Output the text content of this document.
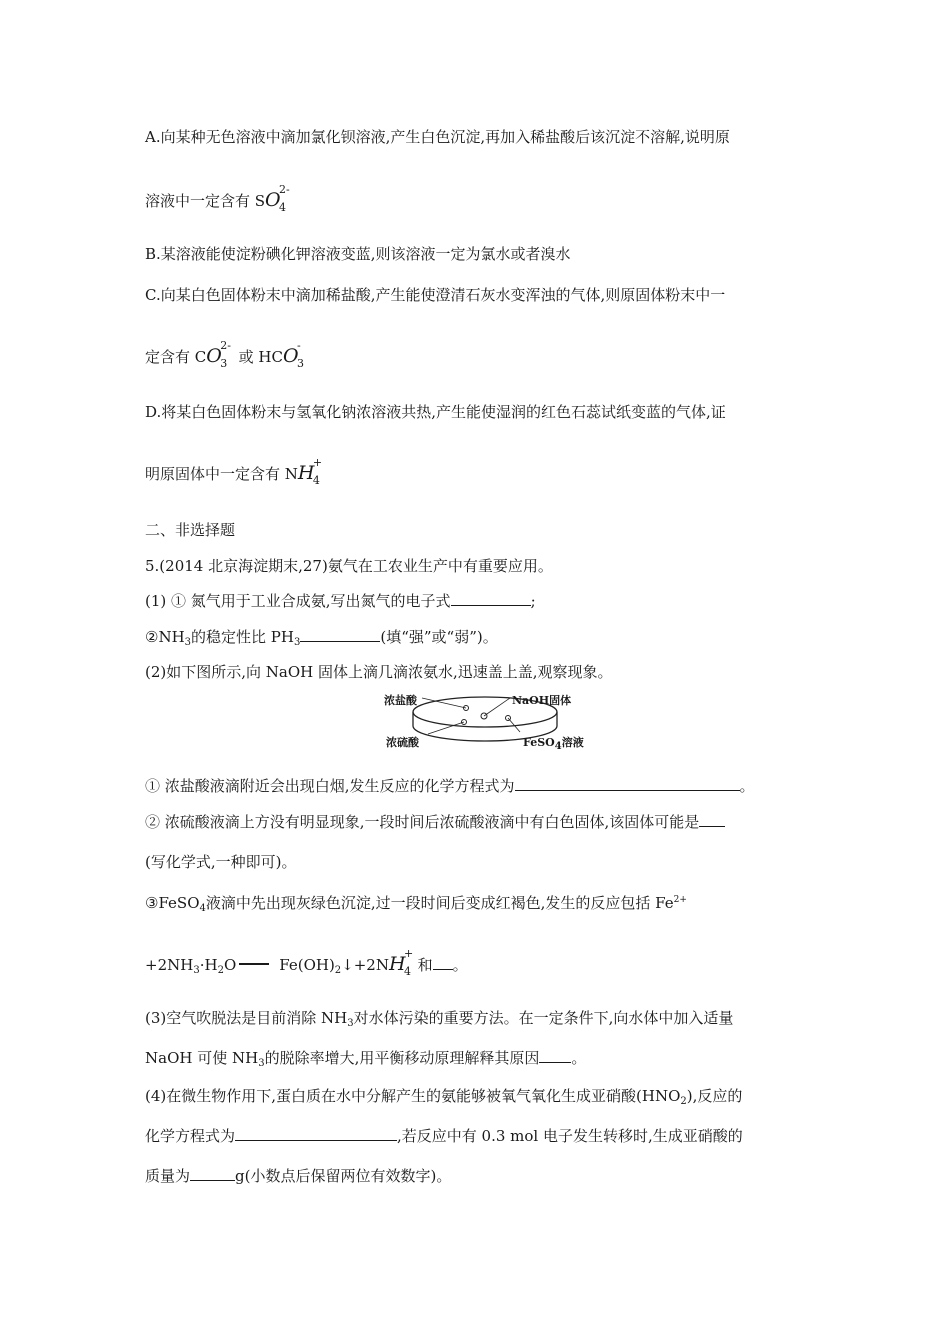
A.向某种无色溶液中滴加氯化钡溶液,产生白色沉淀,再加入稀盐酸后该沉淀不溶解,说明原
溶液中一定含有 SO
2-
4
B.某溶液能使淀粉碘化钾溶液变蓝,则该溶液一定为氯水或者溴水
C.向某白色固体粉末中滴加稀盐酸,产生能使澄清石灰水变浑浊的气体,则原固体粉末中一
定含有 CO
2-
3 或 HCO
-
3
D.将某白色固体粉末与氢氧化钠浓溶液共热,产生能使湿润的红色石蕊试纸变蓝的气体,证
明原固体中一定含有 NH
+
4
二、非选择题
5.(2014 北京海淀期末,27)氨气在工农业生产中有重要应用。
(1) ① 氮气用于工业合成氨,写出氮气的电子式	;
$②NH_3$的稳定性比 $PH_3$	(填“强”或“弱”)。
(2)如下图所示,向 NaOH 固体上滴几滴浓氨水,迅速盖上盖,观察现象。
浓盐酸	NaOH固体
浓硫酸	FeSO4溶液
① 浓盐酸液滴附近会出现白烟,发生反应的化学方程式为	。
② 浓硫酸液滴上方没有明显现象,一段时间后浓硫酸液滴中有白色固体,该固体可能是
(写化学式,一种即可)。
③FeSO$_4$液滴中先出现灰绿色沉淀,过一段时间后变成红褐色,发生的反应包括 $Fe^{2+}$
$+2NH_3\cdot H_2O$	$Fe(OH)_2↓+2NH$
+
4 和 。
(3)空气吹脱法是目前消除 $NH_3$对水体污染的重要方法。在一定条件下,向水体中加入适量
NaOH 可使 $NH_3$的脱除率增大,用平衡移动原理解释其原因 。
(4)在微生物作用下,蛋白质在水中分解产生的氨能够被氧气氧化生成亚硝酸$(HNO_2)$,反应的
化学方程式为	,若反应中有 0.3 mol 电子发生转移时,生成亚硝酸的
质量为	g(小数点后保留两位有效数字)。
